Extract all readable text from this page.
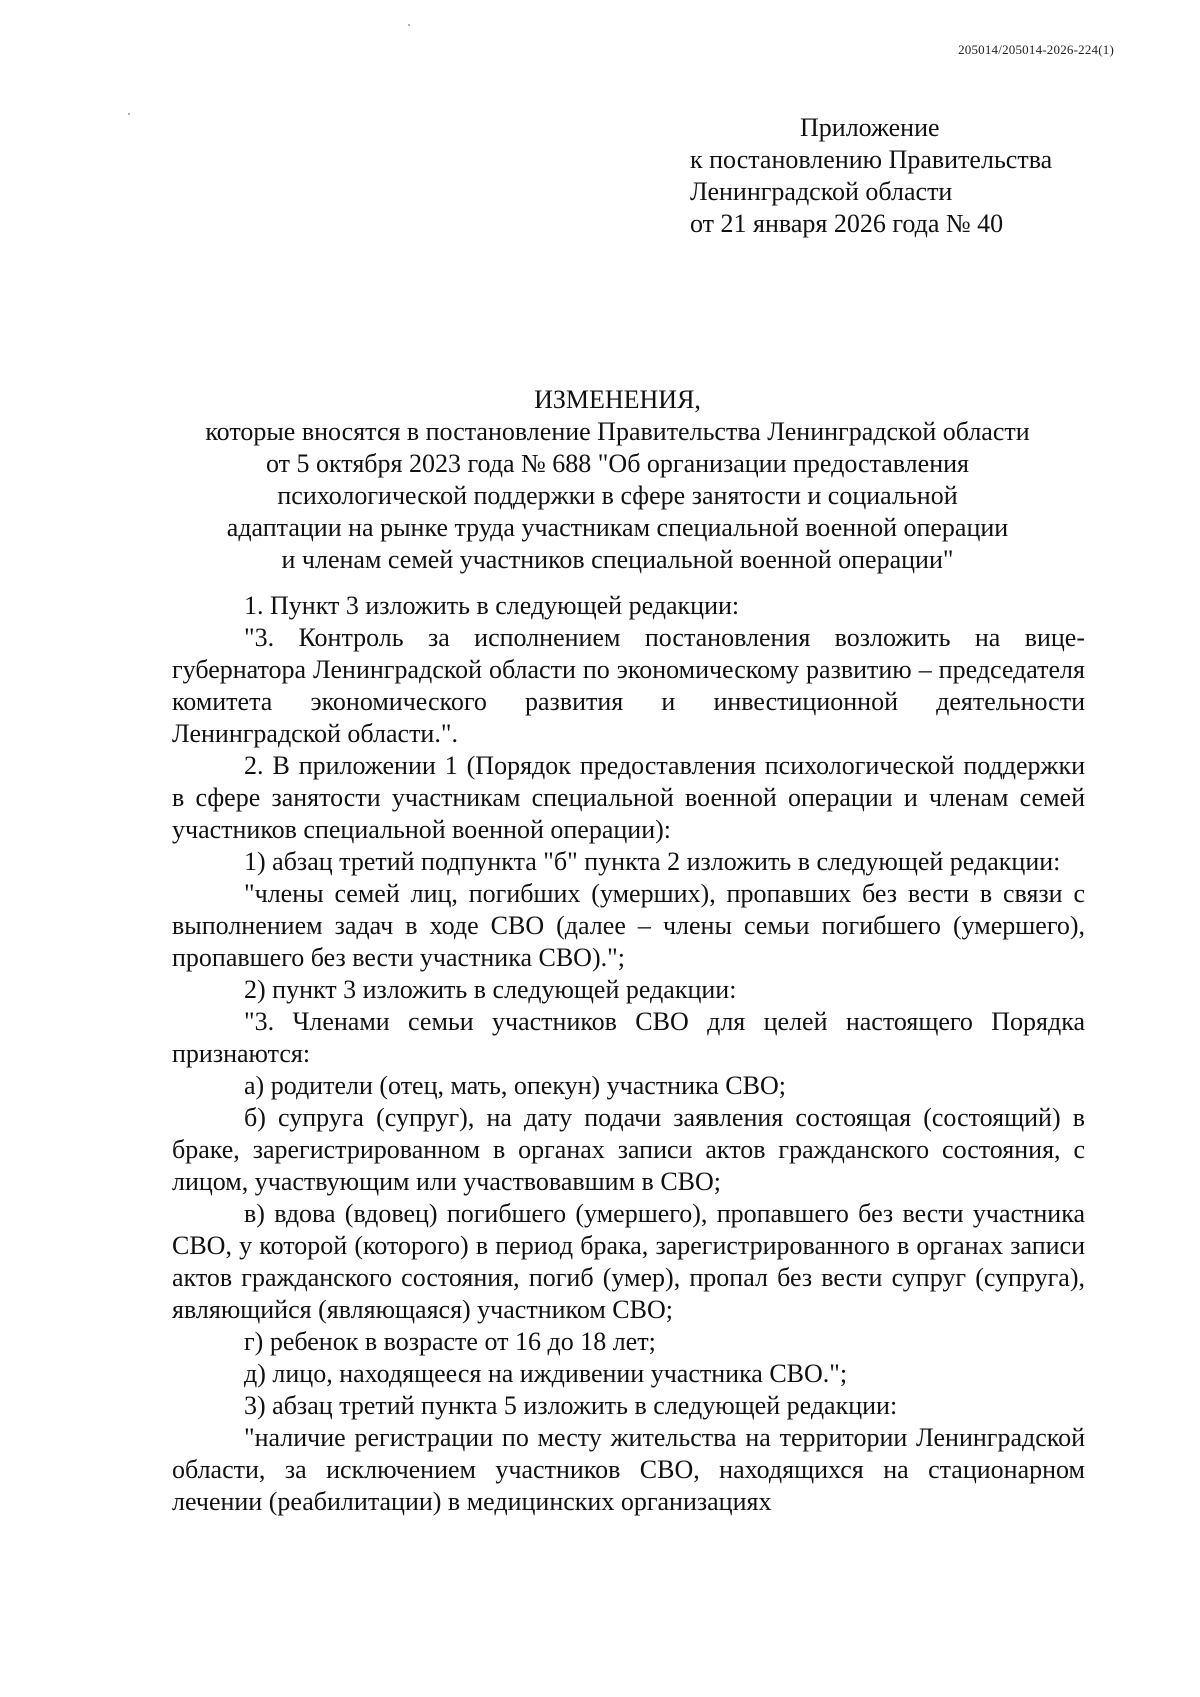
205014/205014-2026-224(1)
Приложение
к постановлению Правительства
Ленинградской области
от 21 января 2026 года № 40
ИЗМЕНЕНИЯ,
которые вносятся в постановление Правительства Ленинградской области
от 5 октября 2023 года № 688 "Об организации предоставления
психологической поддержки в сфере занятости и социальной
адаптации на рынке труда участникам специальной военной операции
и членам семей участников специальной военной операции"

1. Пункт 3 изложить в следующей редакции:

"3. Контроль за исполнением постановления возложить на вице-губернатора Ленинградской области по экономическому развитию – председателя комитета экономического развития и инвестиционной деятельности Ленинградской области.".

2. В приложении 1 (Порядок предоставления психологической поддержки в сфере занятости участникам специальной военной операции и членам семей участников специальной военной операции):

1) абзац третий подпункта "б" пункта 2 изложить в следующей редакции:

"члены семей лиц, погибших (умерших), пропавших без вести в связи с выполнением задач в ходе СВО (далее – члены семьи погибшего (умершего), пропавшего без вести участника СВО).";

2) пункт 3 изложить в следующей редакции:

"3. Членами семьи участников СВО для целей настоящего Порядка признаются:

а) родители (отец, мать, опекун) участника СВО;

б) супруга (супруг), на дату подачи заявления состоящая (состоящий) в браке, зарегистрированном в органах записи актов гражданского состояния, с лицом, участвующим или участвовавшим в СВО;

в) вдова (вдовец) погибшего (умершего), пропавшего без вести участника СВО, у которой (которого) в период брака, зарегистрированного в органах записи актов гражданского состояния, погиб (умер), пропал без вести супруг (супруга), являющийся (являющаяся) участником СВО;

г) ребенок в возрасте от 16 до 18 лет;

д) лицо, находящееся на иждивении участника СВО.";

3) абзац третий пункта 5 изложить в следующей редакции:

"наличие регистрации по месту жительства на территории Ленинградской области, за исключением участников СВО, находящихся на стационарном лечении (реабилитации) в медицинских организациях
